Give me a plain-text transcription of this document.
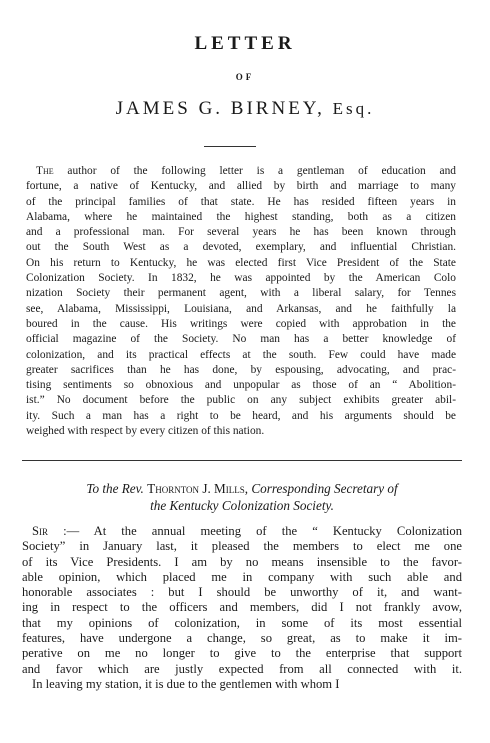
LETTER
OF
JAMES G. BIRNEY, Esq.
The author of the following letter is a gentleman of education and
fortune, a native of Kentucky, and allied by birth and marriage to many
of the principal families of that state. He has resided fifteen years in
Alabama, where he maintained the highest standing, both as a citizen
and a professional man. For several years he has been known through
out the South West as a devoted, exemplary, and influential Christian.
On his return to Kentucky, he was elected first Vice President of the State
Colonization Society. In 1832, he was appointed by the American Colo
nization Society their permanent agent, with a liberal salary, for Tennes
see, Alabama, Mississippi, Louisiana, and Arkansas, and he faithfully la
boured in the cause. His writings were copied with approbation in the
official magazine of the Society. No man has a better knowledge of
colonization, and its practical effects at the south. Few could have made
greater sacrifices than he has done, by espousing, advocating, and prac-
tising sentiments so obnoxious and unpopular as those of an “ Abolition-
ist.” No document before the public on any subject exhibits greater abil-
ity. Such a man has a right to be heard, and his arguments should be
weighed with respect by every citizen of this nation.
To the Rev. Thornton J. Mills, Corresponding Secretary of
the Kentucky Colonization Society.
Sir :— At the annual meeting of the “ Kentucky Colonization
Society” in January last, it pleased the members to elect me one
of its Vice Presidents. I am by no means insensible to the favor-
able opinion, which placed me in company with such able and
honorable associates : but I should be unworthy of it, and want-
ing in respect to the officers and members, did I not frankly avow,
that my opinions of colonization, in some of its most essential
features, have undergone a change, so great, as to make it im-
perative on me no longer to give to the enterprise that support
and favor which are justly expected from all connected with it.
In leaving my station, it is due to the gentlemen with whom I
